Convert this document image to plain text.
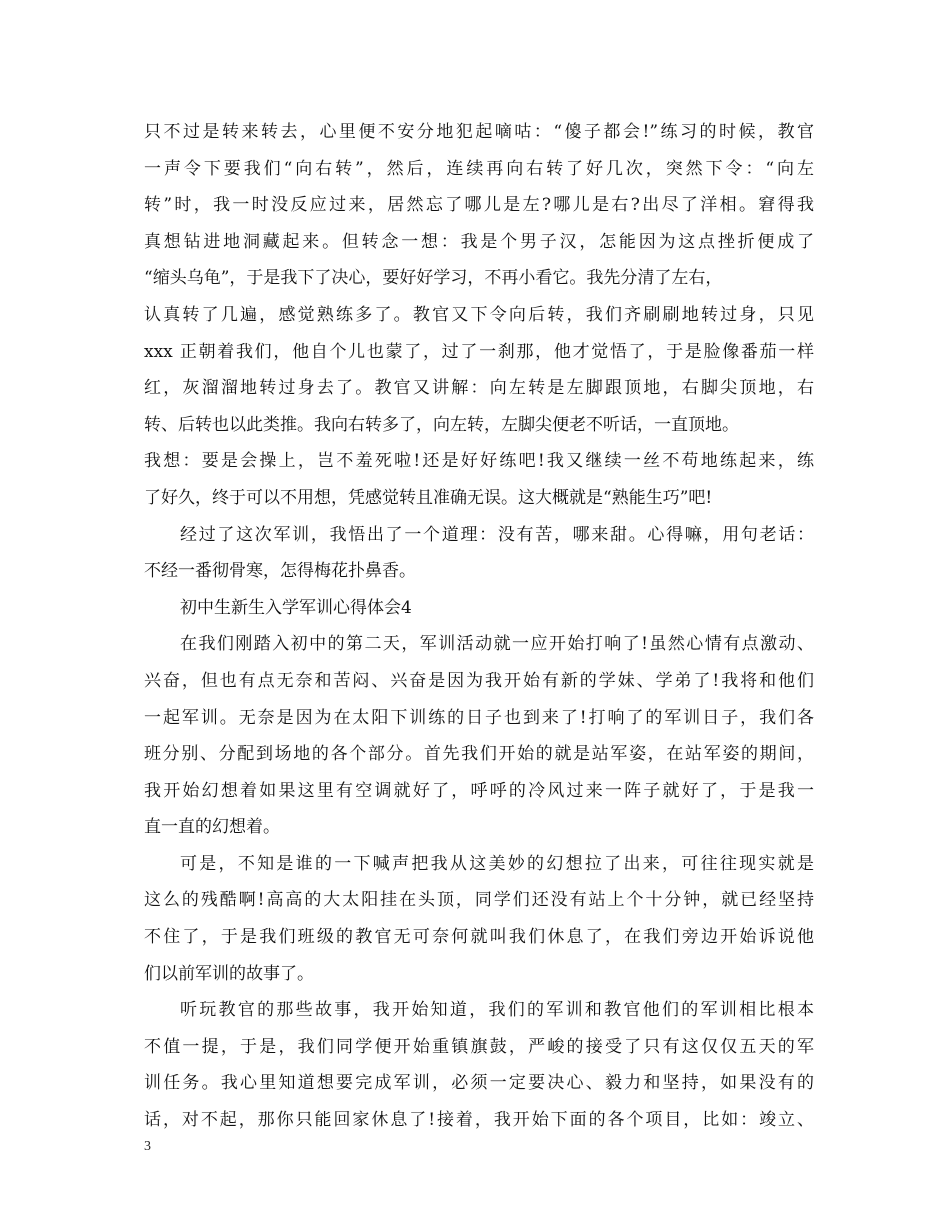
只不过是转来转去，心里便不安分地犯起嘀咕：“傻子都会!”练习的时候，教官
一声令下要我们“向右转”，然后，连续再向右转了好几次，突然下令：“向左
转”时，我一时没反应过来，居然忘了哪儿是左?哪儿是右?出尽了洋相。窘得我
真想钻进地洞藏起来。但转念一想：我是个男子汉，怎能因为这点挫折便成了
“缩头乌龟”，于是我下了决心，要好好学习，不再小看它。我先分清了左右，
认真转了几遍，感觉熟练多了。教官又下令向后转，我们齐刷刷地转过身，只见
xxx 正朝着我们，他自个儿也蒙了，过了一刹那，他才觉悟了，于是脸像番茄一样
红，灰溜溜地转过身去了。教官又讲解：向左转是左脚跟顶地，右脚尖顶地，右
转、后转也以此类推。我向右转多了，向左转，左脚尖便老不听话，一直顶地。
我想：要是会操上，岂不羞死啦!还是好好练吧!我又继续一丝不苟地练起来，练
了好久，终于可以不用想，凭感觉转且准确无误。这大概就是“熟能生巧”吧!
经过了这次军训，我悟出了一个道理：没有苦，哪来甜。心得嘛，用句老话：
不经一番彻骨寒，怎得梅花扑鼻香。
初中生新生入学军训心得体会4
在我们刚踏入初中的第二天，军训活动就一应开始打响了!虽然心情有点激动、
兴奋，但也有点无奈和苦闷、兴奋是因为我开始有新的学妹、学弟了!我将和他们
一起军训。无奈是因为在太阳下训练的日子也到来了!打响了的军训日子，我们各
班分别、分配到场地的各个部分。首先我们开始的就是站军姿，在站军姿的期间，
我开始幻想着如果这里有空调就好了，呼呼的冷风过来一阵子就好了，于是我一
直一直的幻想着。
可是，不知是谁的一下喊声把我从这美妙的幻想拉了出来，可往往现实就是
这么的残酷啊!高高的大太阳挂在头顶，同学们还没有站上个十分钟，就已经坚持
不住了，于是我们班级的教官无可奈何就叫我们休息了，在我们旁边开始诉说他
们以前军训的故事了。
听玩教官的那些故事，我开始知道，我们的军训和教官他们的军训相比根本
不值一提，于是，我们同学便开始重镇旗鼓，严峻的接受了只有这仅仅五天的军
训任务。我心里知道想要完成军训，必须一定要决心、毅力和坚持，如果没有的
话，对不起，那你只能回家休息了!接着，我开始下面的各个项目，比如：竣立、
3
